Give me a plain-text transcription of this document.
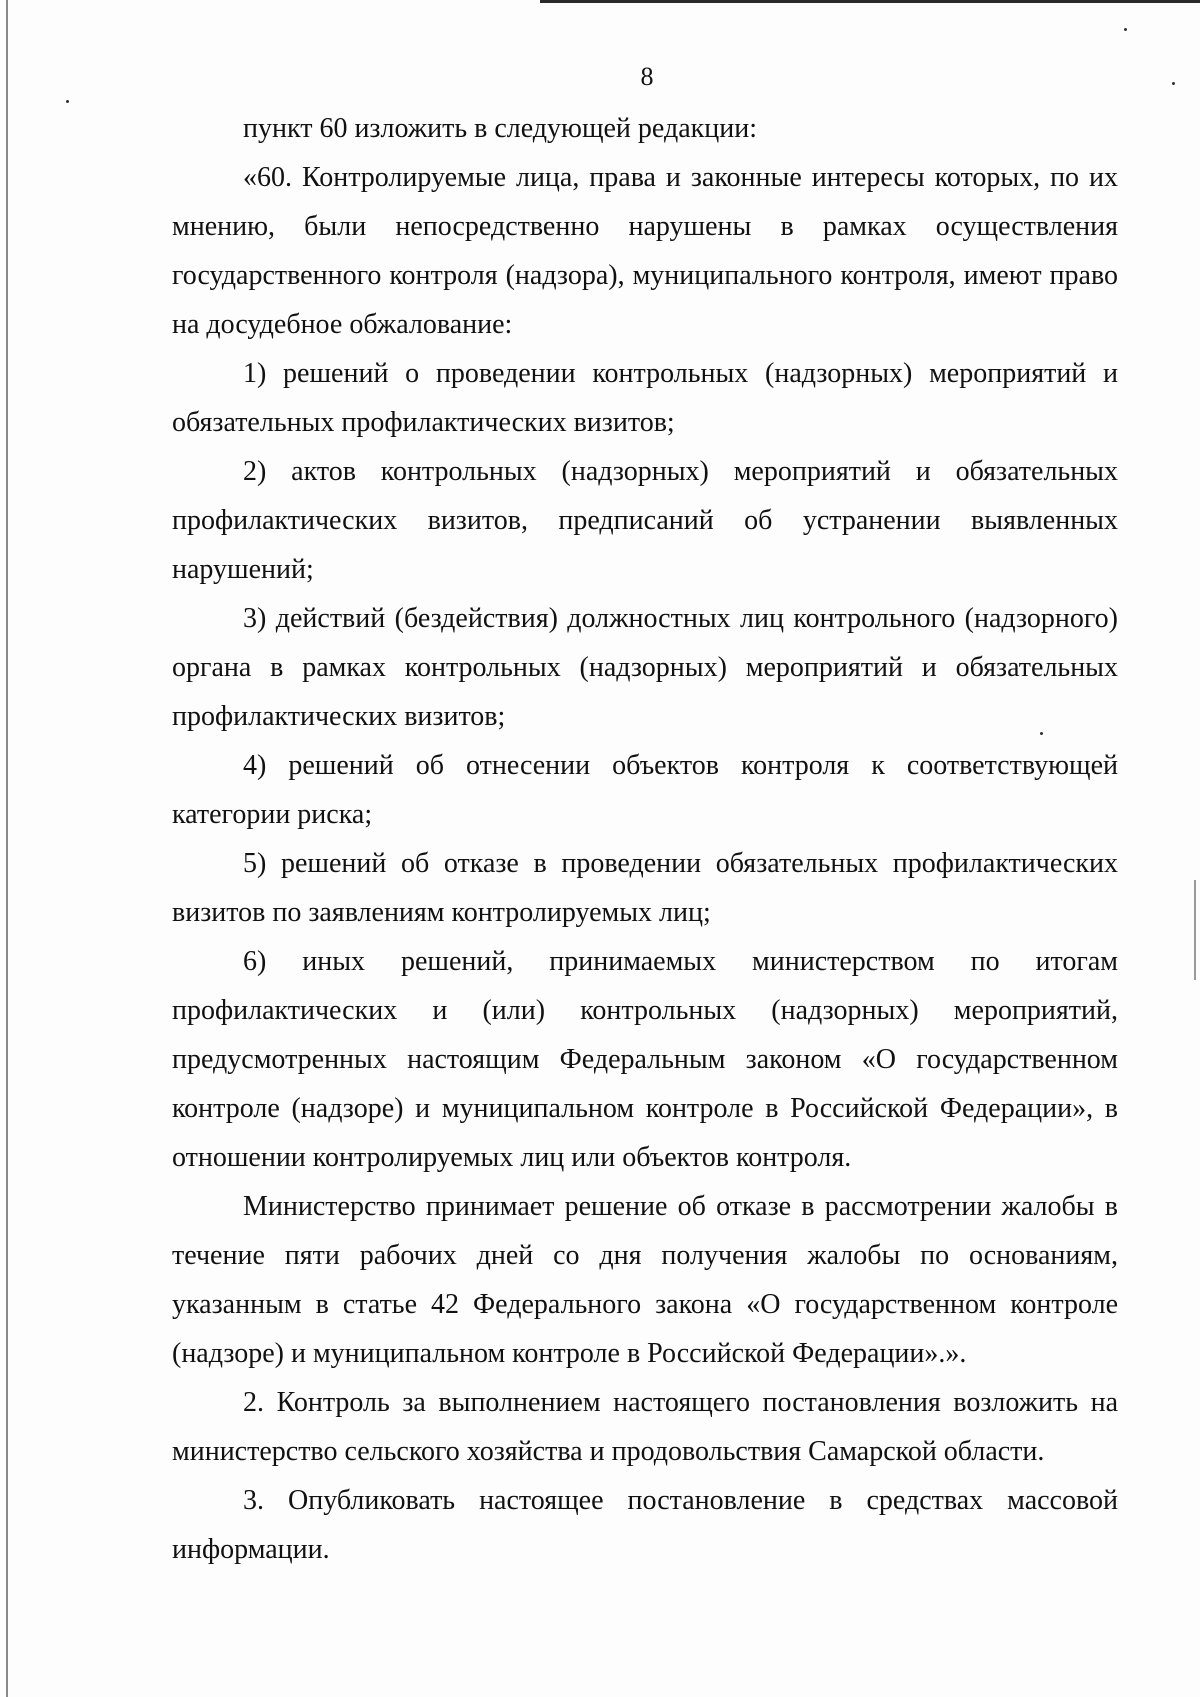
8

пункт 60 изложить в следующей редакции:

«60. Контролируемые лица, права и законные интересы которых, по их мнению, были непосредственно нарушены в рамках осуществления государственного контроля (надзора), муниципального контроля, имеют право на досудебное обжалование:

1) решений о проведении контрольных (надзорных) мероприятий и обязательных профилактических визитов;

2) актов контрольных (надзорных) мероприятий и обязательных профилактических визитов, предписаний об устранении выявленных нарушений;

3) действий (бездействия) должностных лиц контрольного (надзорного) органа в рамках контрольных (надзорных) мероприятий и обязательных профилактических визитов;

4) решений об отнесении объектов контроля к соответствующей категории риска;

5) решений об отказе в проведении обязательных профилактических визитов по заявлениям контролируемых лиц;

6) иных решений, принимаемых министерством по итогам профилактических и (или) контрольных (надзорных) мероприятий, предусмотренных настоящим Федеральным законом «О государственном контроле (надзоре) и муниципальном контроле в Российской Федерации», в отношении контролируемых лиц или объектов контроля.

Министерство принимает решение об отказе в рассмотрении жалобы в течение пяти рабочих дней со дня получения жалобы по основаниям, указанным в статье 42 Федерального закона «О государственном контроле (надзоре) и муниципальном контроле в Российской Федерации».».

2. Контроль за выполнением настоящего постановления возложить на министерство сельского хозяйства и продовольствия Самарской области.

3. Опубликовать настоящее постановление в средствах массовой информации.
